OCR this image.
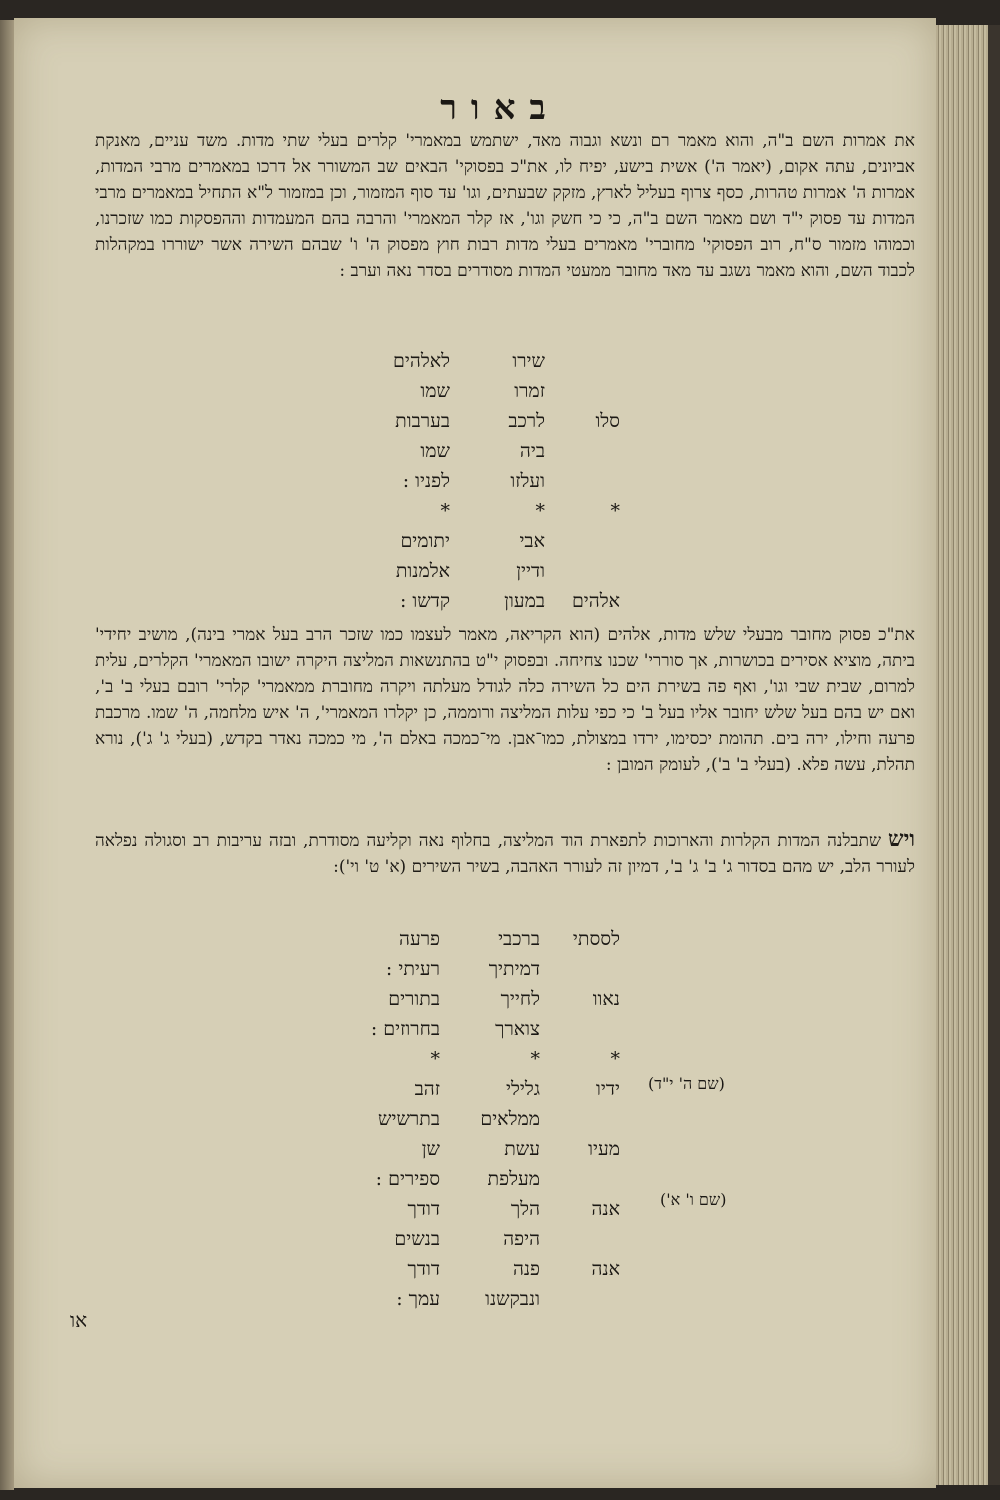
באור
את אמרות השם ב"ה, והוא מאמר רם ונשא וגבוה מאד, ישתמש במאמרי' קלרים בעלי שתי מדות. משד עניים, מאנקת אביונים, עתה אקום, (יאמר ה') אשית בישע, יפיח לו, את"כ בפסוקי' הבאים שב המשורר אל דרכו במאמרים מרבי המדות, אמרות ה' אמרות טהרות, כסף צרוף בעליל לארץ, מזקק שבעתים, וגו' עד סוף המזמור, וכן במזמור ל"א התחיל במאמרים מרבי המדות עד פסוק י"ד ושם מאמר השם ב"ה, כי כי חשק וגו', אז קלר המאמרי' והרבה בהם המעמדות וההפסקות כמו שזכרנו, וכמוהו מזמור ס"ח, רוב הפסוקי' מחוברי' מאמרים בעלי מדות רבות חוץ מפסוק ה' ו' שבהם השירה אשר ישוררו במקהלות לכבוד השם, והוא מאמר נשגב עד מאד מחובר ממעטי המדות מסודרים בסדר נאה וערב :
שירו
לאלהים
זמרו
שמו
סלו
לרכב
בערבות
ביה
שמו
ועלזו
לפניו :
*
*
*
אבי
יתומים
ודיין
אלמנות
אלהים
במעון
קדשו :
את"כ פסוק מחובר מבעלי שלש מדות, אלהים (הוא הקריאה, מאמר לעצמו כמו שזכר הרב בעל אמרי בינה), מושיב יחידי' ביתה, מוציא אסירים בכושרות, אך סוררי' שכנו צחיחה. ובפסוק י"ט בהתנשאות המליצה היקרה ישובו המאמרי' הקלרים, עלית למרום, שבית שבי וגו', ואף פה בשירת הים כל השירה כלה לגודל מעלתה ויקרה מחוברת ממאמרי' קלרי' רובם בעלי ב' ב', ואם יש בהם בעל שלש יחובר אליו בעל ב' כי כפי עלות המליצה ורוממה, כן יקלרו המאמרי', ה' איש מלחמה, ה' שמו. מרכבת פרעה וחילו, ירה בים. תהומת יכסימו, ירדו במצולת, כמו־אבן. מי־כמכה באלם ה', מי כמכה נאדר בקדש, (בעלי ג' ג'), נורא תהלת, עשה פלא. (בעלי ב' ב'), לעומק המובן :
ויש שתבלנה המדות הקלרות והארוכות לתפארת הוד המליצה, בחלוף נאה וקליעה מסודרת, ובזה עריבות רב וסגולה נפלאה לעורר הלב, יש מהם בסדור ג' ב' ג' ב', דמיון זה לעורר האהבה, בשיר השירים (א' ט' וי'):
לססתי
ברכבי
פרעה
דמיתיך
רעיתי :
נאוו
לחייך
בתורים
צוארך
בחרוזים :
*
*
*
ידיו
גלילי
זהב
ממלאים
בתרשיש
מעיו
עשת
שן
מעלפת
ספירים :
אנה
הלך
דודך
היפה
בנשים
אנה
פנה
דודך
ונבקשנו
עמך :
(שם ה' י"ד)
(שם ו' א')
או
